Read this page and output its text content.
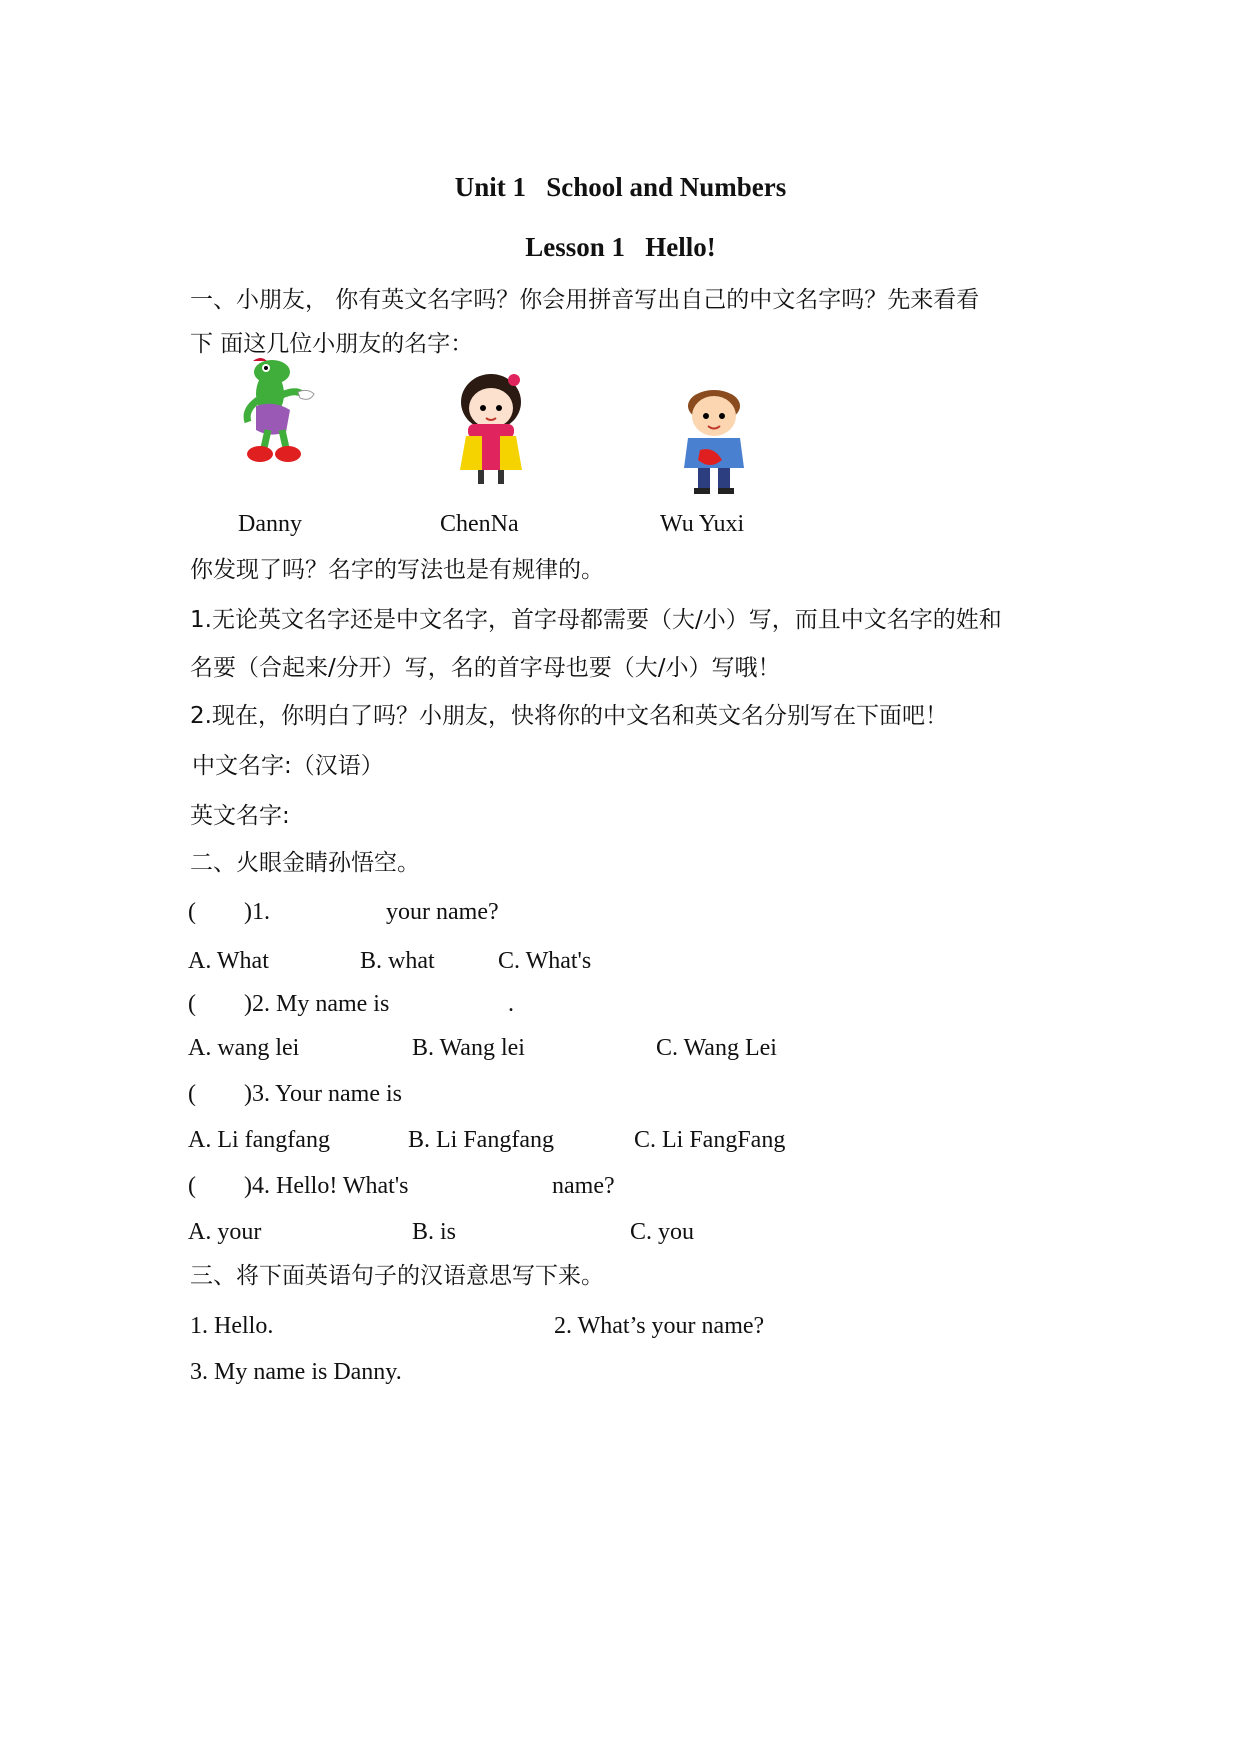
Unit 1   School and Numbers
Lesson 1   Hello!
一、小朋友， 你有英文名字吗？你会用拼音写出自己的中文名字吗？先来看看
下 面这几位小朋友的名字：
Danny	ChenNa	Wu Yuxi
你发现了吗？名字的写法也是有规律的。
1.无论英文名字还是中文名字，首字母都需要（大/小）写，而且中文名字的姓和
名要（合起来/分开）写，名的首字母也要（大/小）写哦！
2.现在，你明白了吗？小朋友，快将你的中文名和英文名分别写在下面吧！
中文名字:（汉语）
英文名字:
二、火眼金睛孙悟空。
( )1.	your name?
A. What	B. what	C. What's
( )2. My name is	.
A. wang lei	B. Wang lei	C. Wang Lei
( )3. Your name is
A. Li fangfang	B. Li Fangfang	C. Li FangFang
( )4. Hello! What's	name?
A. your	B. is	C. you
三、将下面英语句子的汉语意思写下来。
1. Hello.	2. What’s your name?
3. My name is Danny.
